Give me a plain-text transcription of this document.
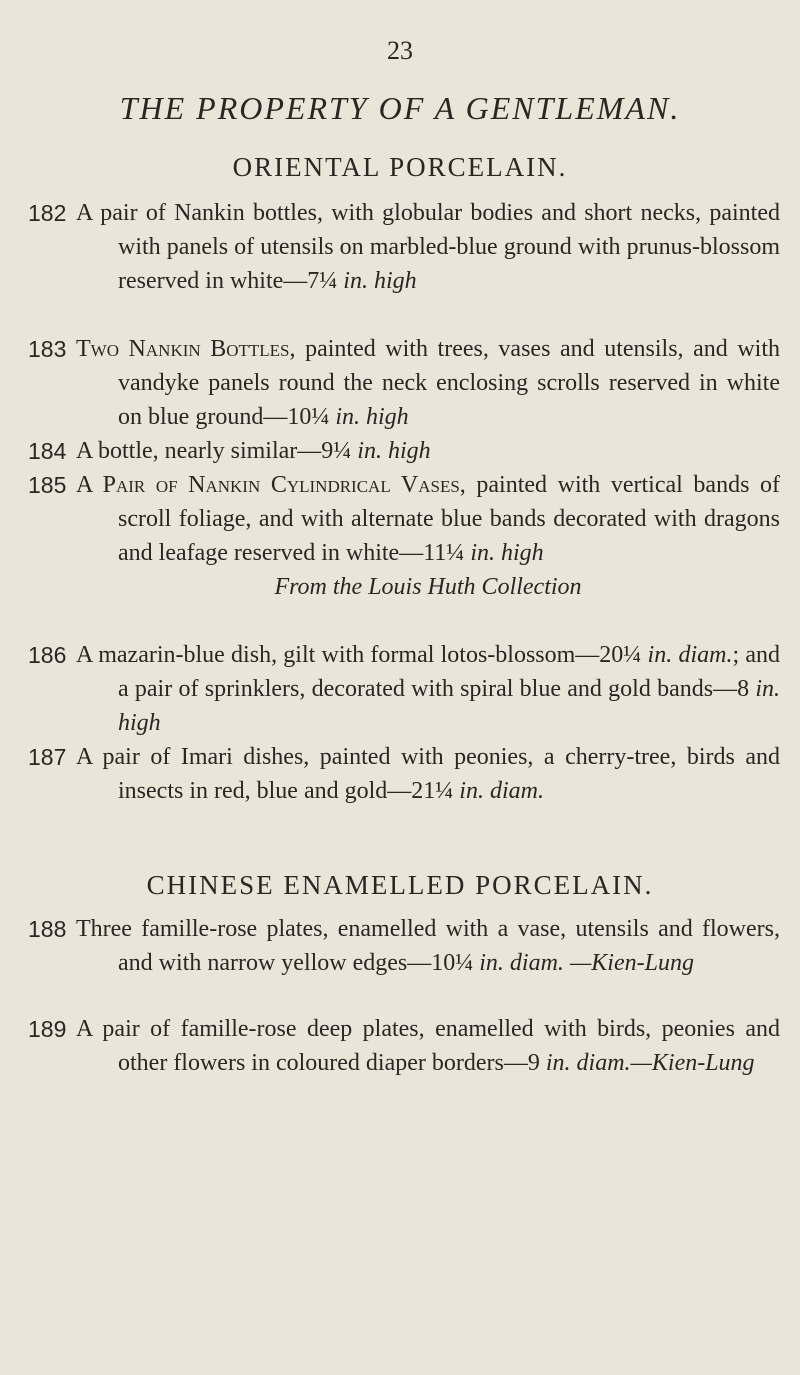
23
THE PROPERTY OF A GENTLEMAN.
ORIENTAL PORCELAIN.
182 A pair of Nankin bottles, with globular bodies and short necks, painted with panels of utensils on marbled-blue ground with prunus-blossom reserved in white—7¼ in. high
183 Two Nankin Bottles, painted with trees, vases and utensils, and with vandyke panels round the neck enclosing scrolls reserved in white on blue ground—10¼ in. high
184 A bottle, nearly similar—9¼ in. high
185 A Pair of Nankin Cylindrical Vases, painted with vertical bands of scroll foliage, and with alternate blue bands decorated with dragons and leafage reserved in white—11¼ in. high
From the Louis Huth Collection
186 A mazarin-blue dish, gilt with formal lotos-blossom—20¼ in. diam.; and a pair of sprinklers, decorated with spiral blue and gold bands—8 in. high
187 A pair of Imari dishes, painted with peonies, a cherry-tree, birds and insects in red, blue and gold—21¼ in. diam.
CHINESE ENAMELLED PORCELAIN.
188 Three famille-rose plates, enamelled with a vase, utensils and flowers, and with narrow yellow edges—10¼ in. diam. —Kien-Lung
189 A pair of famille-rose deep plates, enamelled with birds, peonies and other flowers in coloured diaper borders—9 in. diam.—Kien-Lung
